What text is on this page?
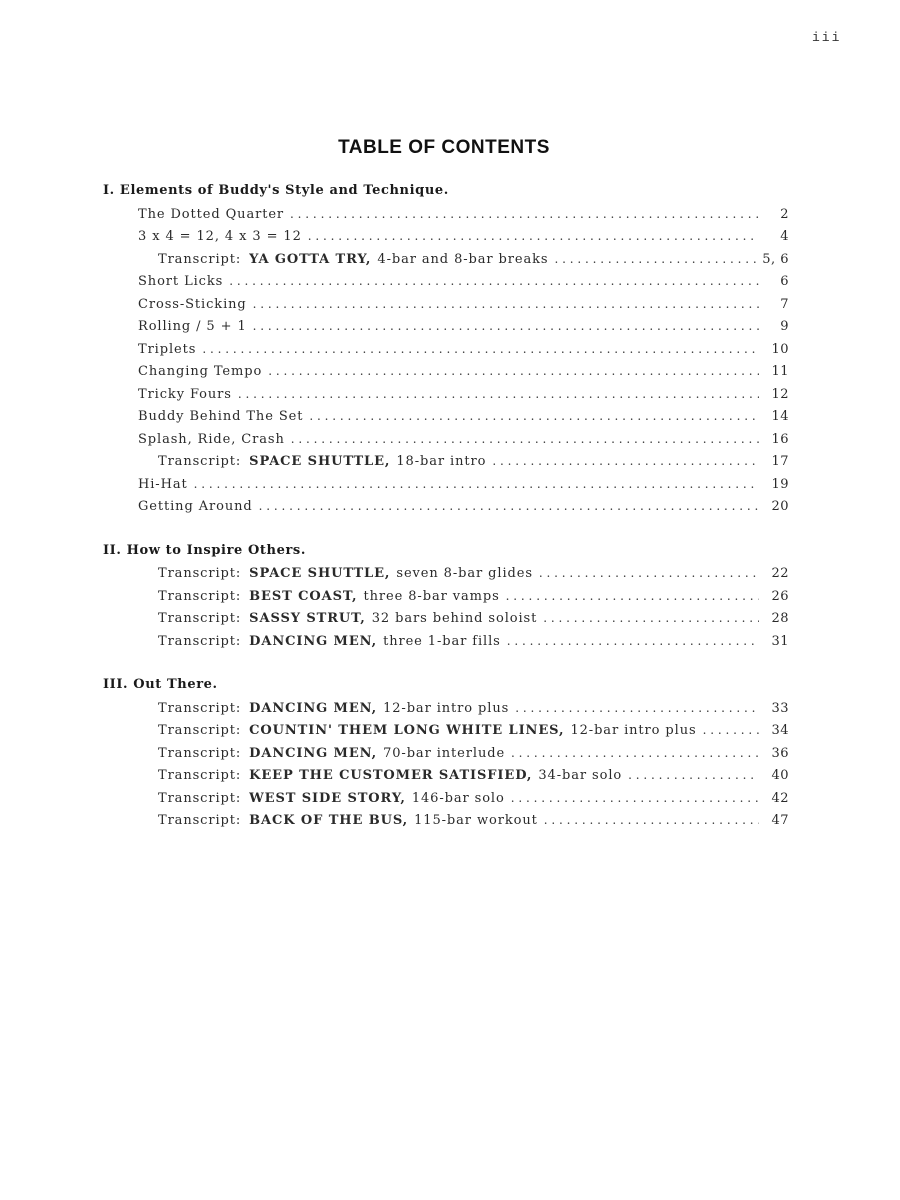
iii
TABLE OF CONTENTS
I. Elements of Buddy's Style and Technique.
The Dotted Quarter . . .	2
3 x 4 = 12, 4 x 3 = 12 . . .	4
Transcript: YA GOTTA TRY, 4-bar and 8-bar breaks . . .	5, 6
Short Licks . . .	6
Cross-Sticking . . .	7
Rolling / 5 + 1 . . .	9
Triplets . . .	10
Changing Tempo . . .	11
Tricky Fours . . .	12
Buddy Behind The Set . . .	14
Splash, Ride, Crash . . .	16
Transcript: SPACE SHUTTLE, 18-bar intro . . .	17
Hi-Hat . . .	19
Getting Around . . .	20
II. How to Inspire Others.
Transcript: SPACE SHUTTLE, seven 8-bar glides . . .	22
Transcript: BEST COAST, three 8-bar vamps . . .	26
Transcript: SASSY STRUT, 32 bars behind soloist . . .	28
Transcript: DANCING MEN, three 1-bar fills . . .	31
III. Out There.
Transcript: DANCING MEN, 12-bar intro plus . . .	33
Transcript: COUNTIN' THEM LONG WHITE LINES, 12-bar intro plus . . .	34
Transcript: DANCING MEN, 70-bar interlude . . .	36
Transcript: KEEP THE CUSTOMER SATISFIED, 34-bar solo . . .	40
Transcript: WEST SIDE STORY, 146-bar solo . . .	42
Transcript: BACK OF THE BUS, 115-bar workout . . .	47
